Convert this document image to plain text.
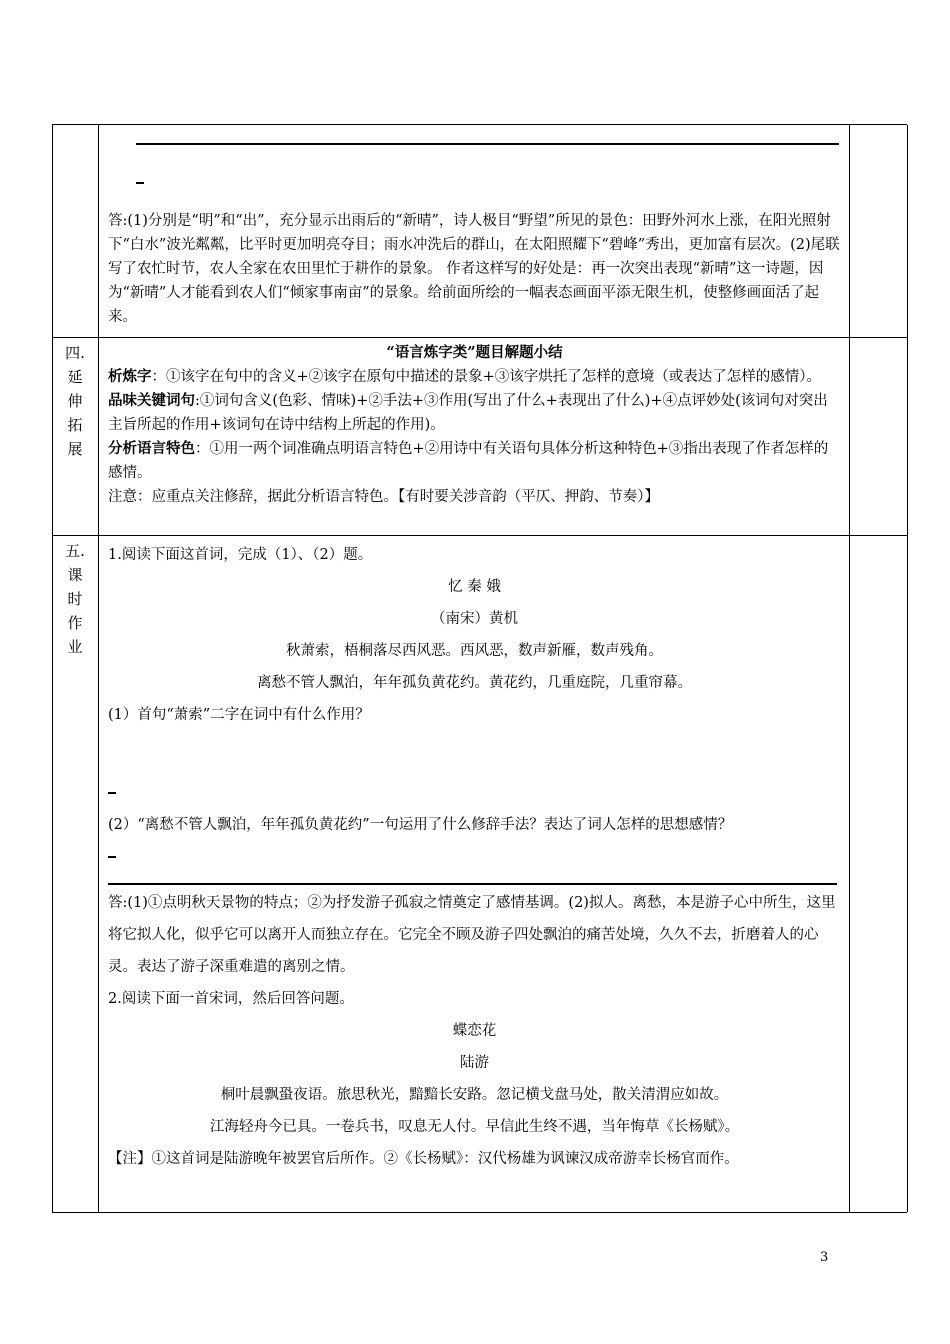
答:(1)分别是“明”和“出”，充分显示出雨后的“新晴”，诗人极目“野望”所见的景色：田野外河水上涨，在阳光照射下“白水”波光粼粼，比平时更加明亮夺目；雨水冲洗后的群山，在太阳照耀下“碧峰”秀出，更加富有层次。(2)尾联写了农忙时节，农人全家在农田里忙于耕作的景象。 作者这样写的好处是：再一次突出表现“新晴”这一诗题，因为“新晴”人才能看到农人们“倾家事南亩”的景象。给前面所绘的一幅表态画面平添无限生机，使整修画面活了起来。

四.
延
伸
拓
展

“语言炼字类”题目解题小结

析炼字：①该字在句中的含义+②该字在原句中描述的景象+③该字烘托了怎样的意境（或表达了怎样的感情）。

品味关键词句:①词句含义(色彩、情味)+②手法+③作用(写出了什么+表现出了什么)+④点评妙处(该词句对突出主旨所起的作用+该词句在诗中结构上所起的作用)。

分析语言特色：①用一两个词准确点明语言特色+②用诗中有关语句具体分析这种特色+③指出表现了作者怎样的感情。

注意：应重点关注修辞，据此分析语言特色。【有时要关涉音韵（平仄、押韵、节奏）】

五.
课
时
作
业

1.阅读下面这首词，完成（1）、（2）题。

忆 秦 娥

（南宋）黄机

秋萧索，梧桐落尽西风恶。西风恶，数声新雁，数声残角。

离愁不管人飘泊，年年孤负黄花约。黄花约，几重庭院，几重帘幕。

(1）首句“萧索”二字在词中有什么作用？

(2）“离愁不管人飘泊，年年孤负黄花约”一句运用了什么修辞手法？表达了词人怎样的思想感情？

答:(1)①点明秋天景物的特点；②为抒发游子孤寂之情奠定了感情基调。(2)拟人。离愁，本是游子心中所生，这里将它拟人化，似乎它可以离开人而独立存在。它完全不顾及游子四处飘泊的痛苦处境，久久不去，折磨着人的心灵。表达了游子深重难遣的离别之情。

2.阅读下面一首宋词，然后回答问题。

蝶恋花

陆游

桐叶晨飘蛩夜语。旅思秋光，黯黯长安路。忽记横戈盘马处，散关清渭应如故。

江海轻舟今已具。一卷兵书，叹息无人付。早信此生终不遇，当年悔草《长杨赋》。

【注】①这首词是陆游晚年被罢官后所作。②《长杨赋》：汉代杨雄为讽谏汉成帝游幸长杨官而作。

3
